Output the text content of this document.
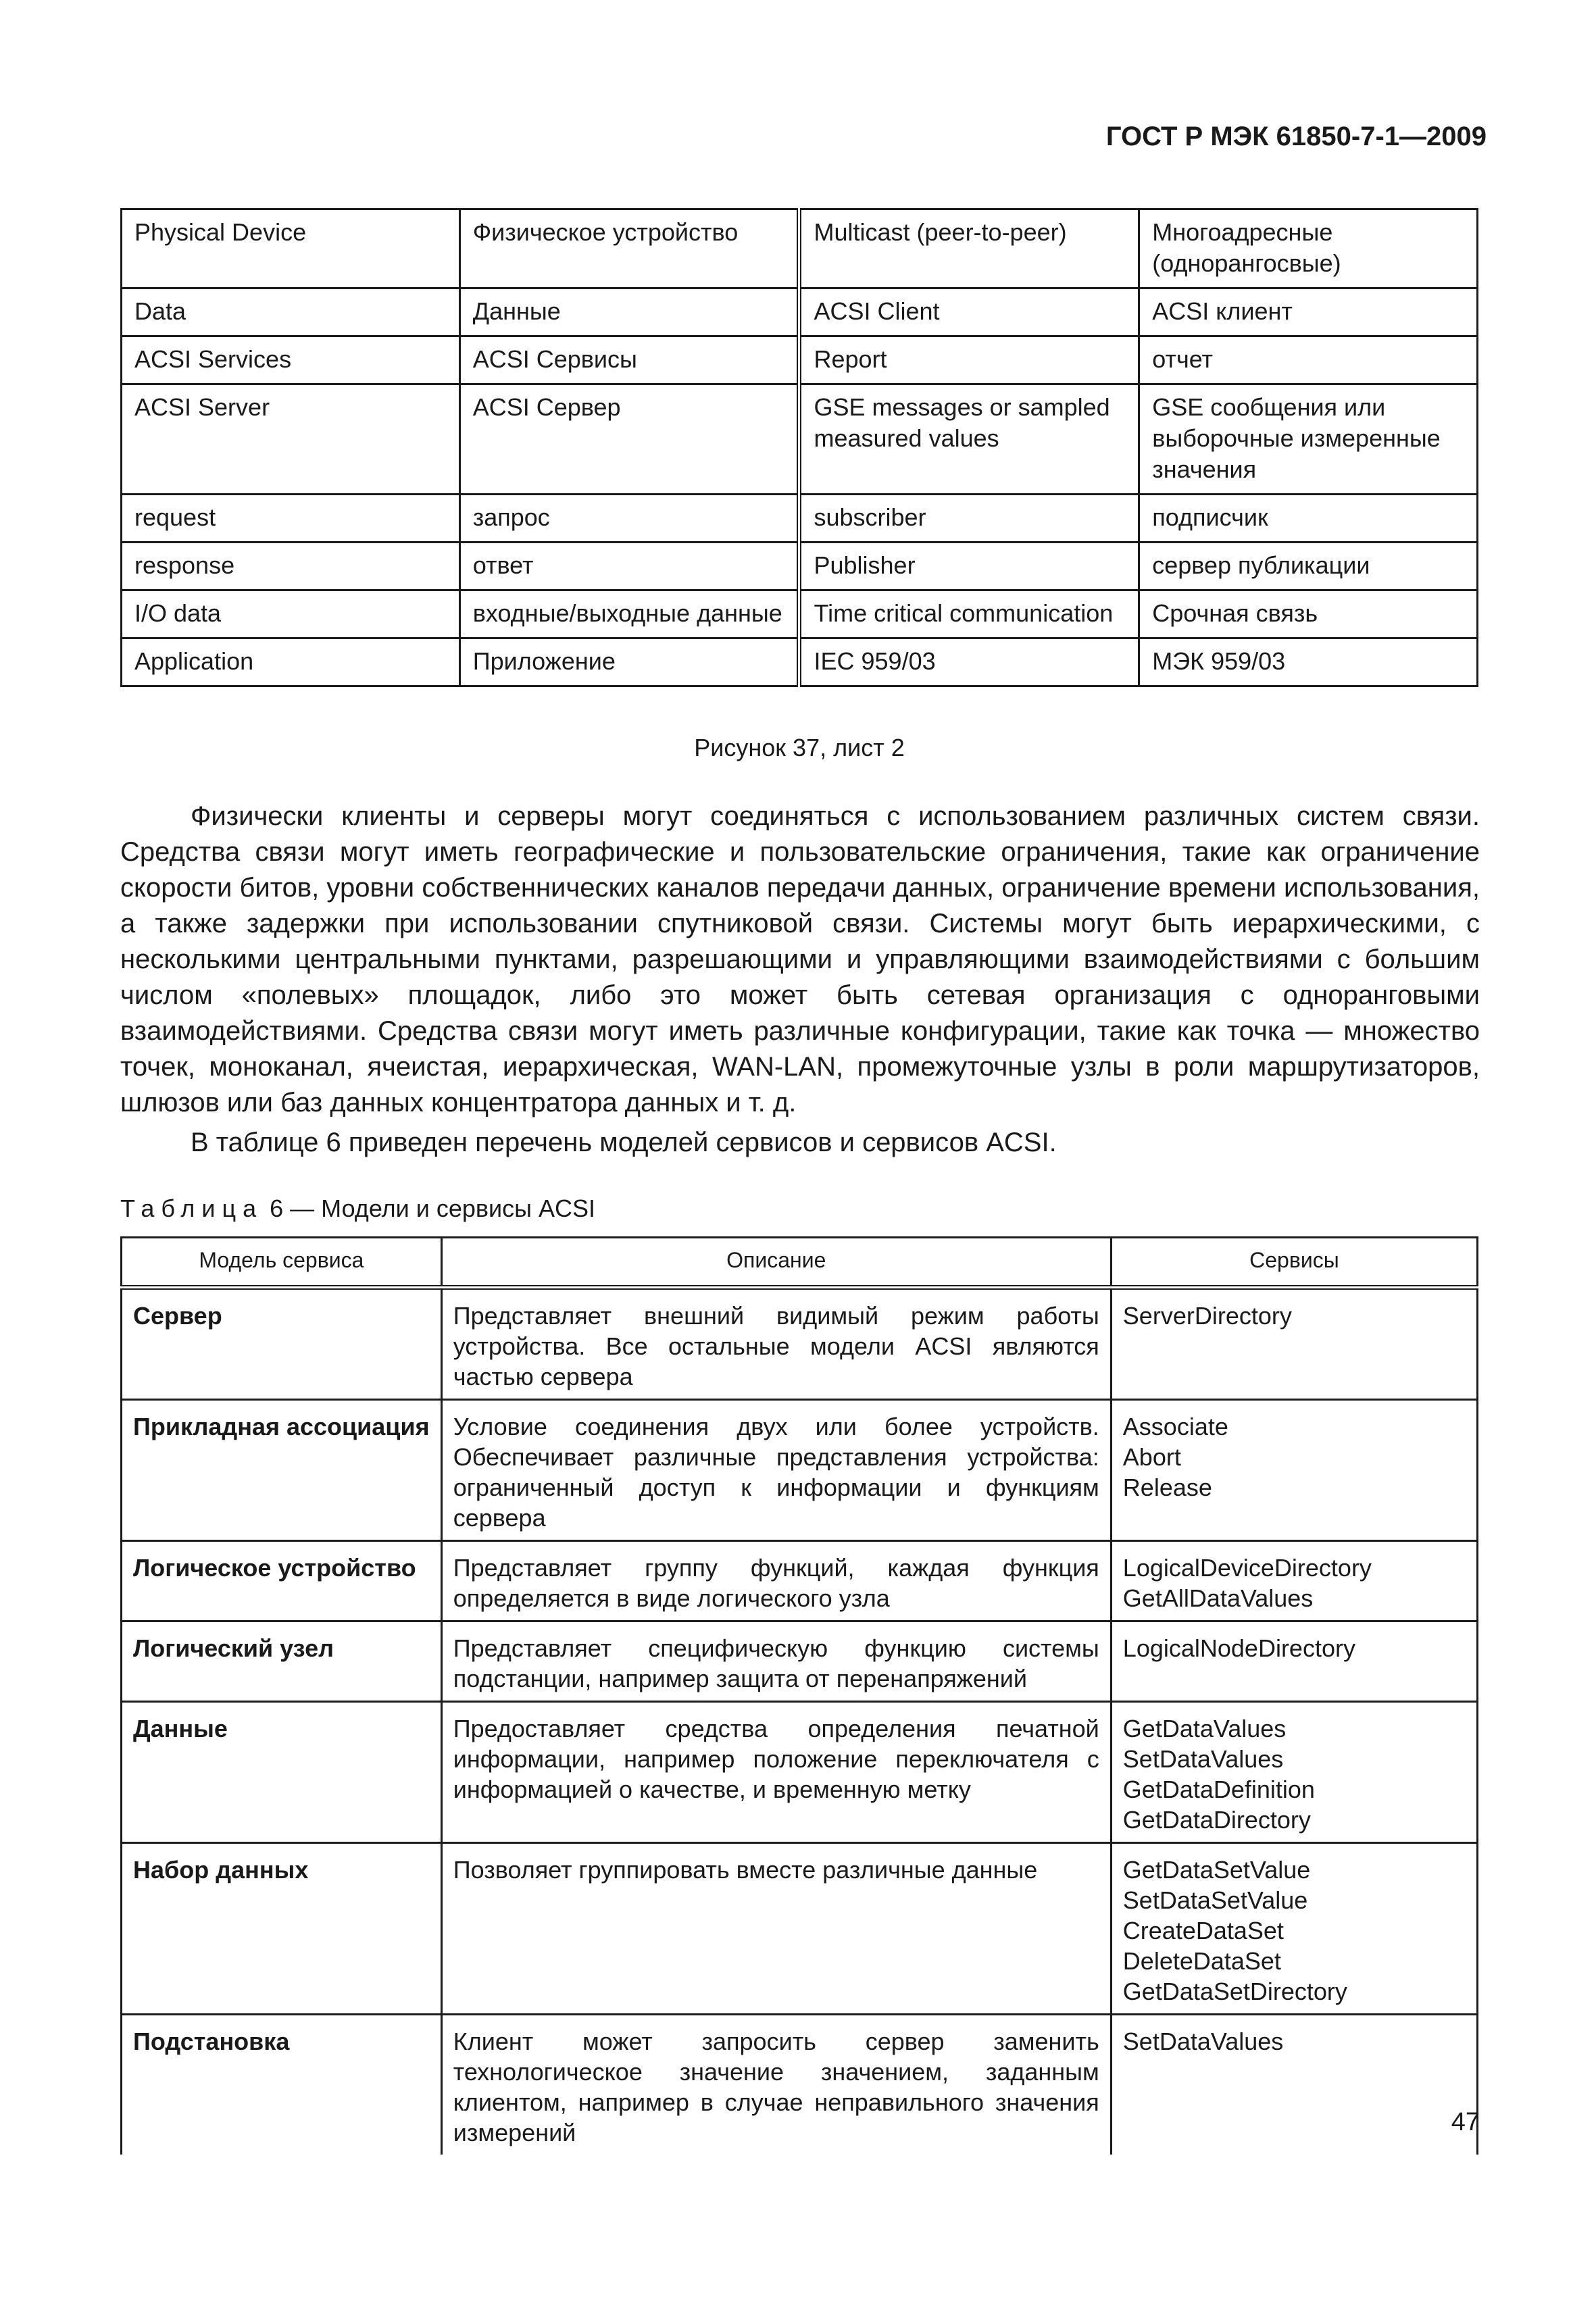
ГОСТ Р МЭК 61850-7-1—2009
Physical Device	Физическое устройство	Multicast (peer-to-peer)	Многоадресные (однорангосвые)
Data	Данные	ACSI Client	ACSI клиент
ACSI Services	ACSI Сервисы	Report	отчет
ACSI Server	ACSI Сервер	GSE messages or sampled measured values	GSE сообщения или выборочные измеренные значения
request	запрос	subscriber	подписчик
response	ответ	Publisher	сервер публикации
I/O data	входные/выходные данные	Time critical communication	Срочная связь
Application	Приложение	IEC 959/03	МЭК 959/03
Рисунок 37, лист 2

Физически клиенты и серверы могут соединяться с использованием различных систем связи. Средства связи могут иметь географические и пользовательские ограничения, такие как ограничение скорости битов, уровни собственнических каналов передачи данных, ограничение времени использования, а также задержки при использовании спутниковой связи. Системы могут быть иерархическими, с несколькими центральными пунктами, разрешающими и управляющими взаимодействиями с большим числом «полевых» площадок, либо это может быть сетевая организация с одноранговыми взаимодействиями. Средства связи могут иметь различные конфигурации, такие как точка — множество точек, моноканал, ячеистая, иерархическая, WAN-LAN, промежуточные узлы в роли маршрутизаторов, шлюзов или баз данных концентратора данных и т. д.

В таблице 6 приведен перечень моделей сервисов и сервисов ACSI.

Таблица 6 — Модели и сервисы ACSI
Модель сервиса	Описание	Сервисы
Сервер	Представляет внешний видимый режим работы устройства. Все остальные модели ACSI являются частью сервера	ServerDirectory

Прикладная ассоциация	Условие соединения двух или более устройств. Обеспечивает различные представления устройства: ограниченный доступ к информации и функциям сервера	Associate
Abort
Release

Логическое устройство	Представляет группу функций, каждая функция определяется в виде логического узла	LogicalDeviceDirectory
GetAllDataValues

Логический узел	Представляет специфическую функцию системы подстанции, например защита от перенапряжений	LogicalNodeDirectory

Данные	Предоставляет средства определения печатной информации, например положение переключателя с информацией о качестве, и временную метку	GetDataValues
SetDataValues
GetDataDefinition
GetDataDirectory

Набор данных	Позволяет группировать вместе различные данные	GetDataSetValue
SetDataSetValue
CreateDataSet
DeleteDataSet
GetDataSetDirectory

Подстановка	Клиент может запросить сервер заменить технологическое значение значением, заданным клиентом, например в случае неправильного значения измерений	SetDataValues
47
